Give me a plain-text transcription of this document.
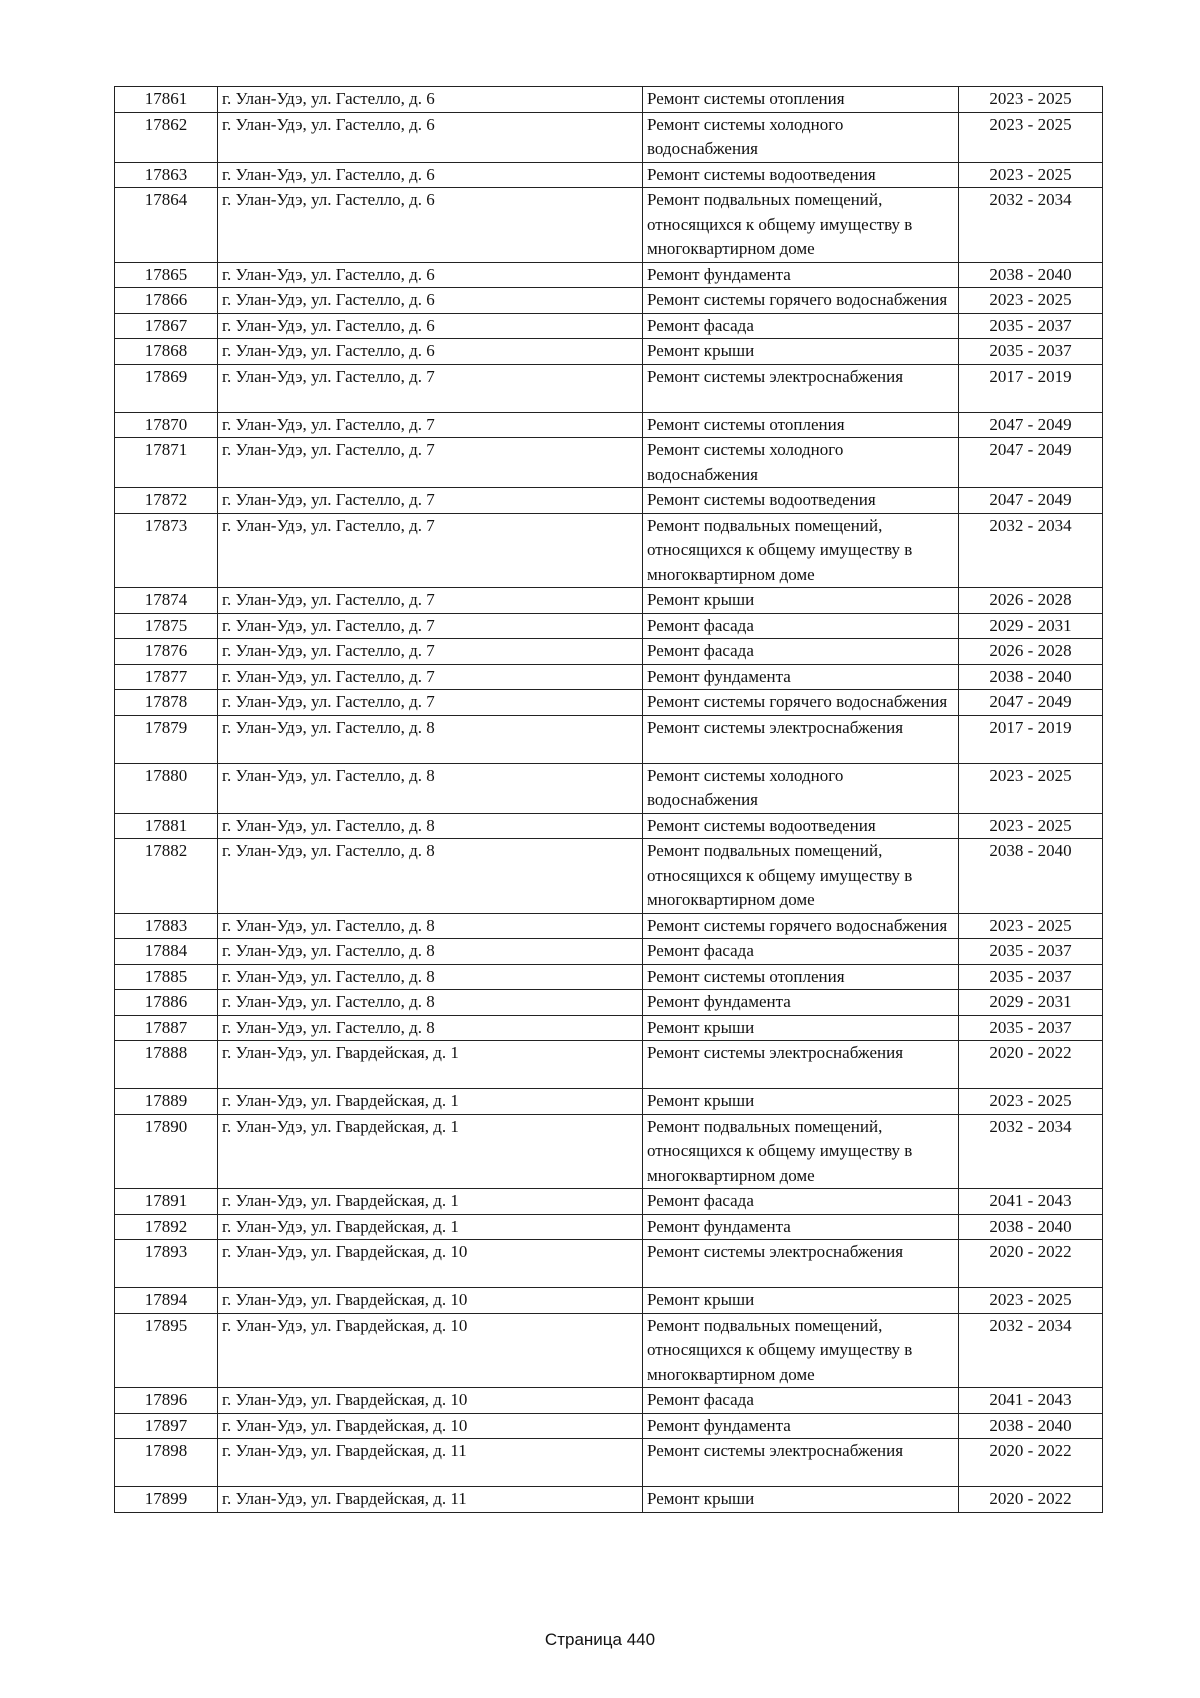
17861	г. Улан-Удэ, ул. Гастелло, д. 6	Ремонт системы отопления	2023 - 2025
17862	г. Улан-Удэ, ул. Гастелло, д. 6	Ремонт системы холодного водоснабжения	2023 - 2025
17863	г. Улан-Удэ, ул. Гастелло, д. 6	Ремонт системы водоотведения	2023 - 2025
17864	г. Улан-Удэ, ул. Гастелло, д. 6	Ремонт подвальных помещений, относящихся к общему имуществу в многоквартирном доме	2032 - 2034
17865	г. Улан-Удэ, ул. Гастелло, д. 6	Ремонт фундамента	2038 - 2040
17866	г. Улан-Удэ, ул. Гастелло, д. 6	Ремонт системы горячего водоснабжения	2023 - 2025
17867	г. Улан-Удэ, ул. Гастелло, д. 6	Ремонт фасада	2035 - 2037
17868	г. Улан-Удэ, ул. Гастелло, д. 6	Ремонт крыши	2035 - 2037
17869	г. Улан-Удэ, ул. Гастелло, д. 7	Ремонт системы электроснабжения	2017 - 2019
17870	г. Улан-Удэ, ул. Гастелло, д. 7	Ремонт системы отопления	2047 - 2049
17871	г. Улан-Удэ, ул. Гастелло, д. 7	Ремонт системы холодного водоснабжения	2047 - 2049
17872	г. Улан-Удэ, ул. Гастелло, д. 7	Ремонт системы водоотведения	2047 - 2049
17873	г. Улан-Удэ, ул. Гастелло, д. 7	Ремонт подвальных помещений, относящихся к общему имуществу в многоквартирном доме	2032 - 2034
17874	г. Улан-Удэ, ул. Гастелло, д. 7	Ремонт крыши	2026 - 2028
17875	г. Улан-Удэ, ул. Гастелло, д. 7	Ремонт фасада	2029 - 2031
17876	г. Улан-Удэ, ул. Гастелло, д. 7	Ремонт фасада	2026 - 2028
17877	г. Улан-Удэ, ул. Гастелло, д. 7	Ремонт фундамента	2038 - 2040
17878	г. Улан-Удэ, ул. Гастелло, д. 7	Ремонт системы горячего водоснабжения	2047 - 2049
17879	г. Улан-Удэ, ул. Гастелло, д. 8	Ремонт системы электроснабжения	2017 - 2019
17880	г. Улан-Удэ, ул. Гастелло, д. 8	Ремонт системы холодного водоснабжения	2023 - 2025
17881	г. Улан-Удэ, ул. Гастелло, д. 8	Ремонт системы водоотведения	2023 - 2025
17882	г. Улан-Удэ, ул. Гастелло, д. 8	Ремонт подвальных помещений, относящихся к общему имуществу в многоквартирном доме	2038 - 2040
17883	г. Улан-Удэ, ул. Гастелло, д. 8	Ремонт системы горячего водоснабжения	2023 - 2025
17884	г. Улан-Удэ, ул. Гастелло, д. 8	Ремонт фасада	2035 - 2037
17885	г. Улан-Удэ, ул. Гастелло, д. 8	Ремонт системы отопления	2035 - 2037
17886	г. Улан-Удэ, ул. Гастелло, д. 8	Ремонт фундамента	2029 - 2031
17887	г. Улан-Удэ, ул. Гастелло, д. 8	Ремонт крыши	2035 - 2037
17888	г. Улан-Удэ, ул. Гвардейская, д. 1	Ремонт системы электроснабжения	2020 - 2022
17889	г. Улан-Удэ, ул. Гвардейская, д. 1	Ремонт крыши	2023 - 2025
17890	г. Улан-Удэ, ул. Гвардейская, д. 1	Ремонт подвальных помещений, относящихся к общему имуществу в многоквартирном доме	2032 - 2034
17891	г. Улан-Удэ, ул. Гвардейская, д. 1	Ремонт фасада	2041 - 2043
17892	г. Улан-Удэ, ул. Гвардейская, д. 1	Ремонт фундамента	2038 - 2040
17893	г. Улан-Удэ, ул. Гвардейская, д. 10	Ремонт системы электроснабжения	2020 - 2022
17894	г. Улан-Удэ, ул. Гвардейская, д. 10	Ремонт крыши	2023 - 2025
17895	г. Улан-Удэ, ул. Гвардейская, д. 10	Ремонт подвальных помещений, относящихся к общему имуществу в многоквартирном доме	2032 - 2034
17896	г. Улан-Удэ, ул. Гвардейская, д. 10	Ремонт фасада	2041 - 2043
17897	г. Улан-Удэ, ул. Гвардейская, д. 10	Ремонт фундамента	2038 - 2040
17898	г. Улан-Удэ, ул. Гвардейская, д. 11	Ремонт системы электроснабжения	2020 - 2022
17899	г. Улан-Удэ, ул. Гвардейская, д. 11	Ремонт крыши	2020 - 2022
Страница 440
